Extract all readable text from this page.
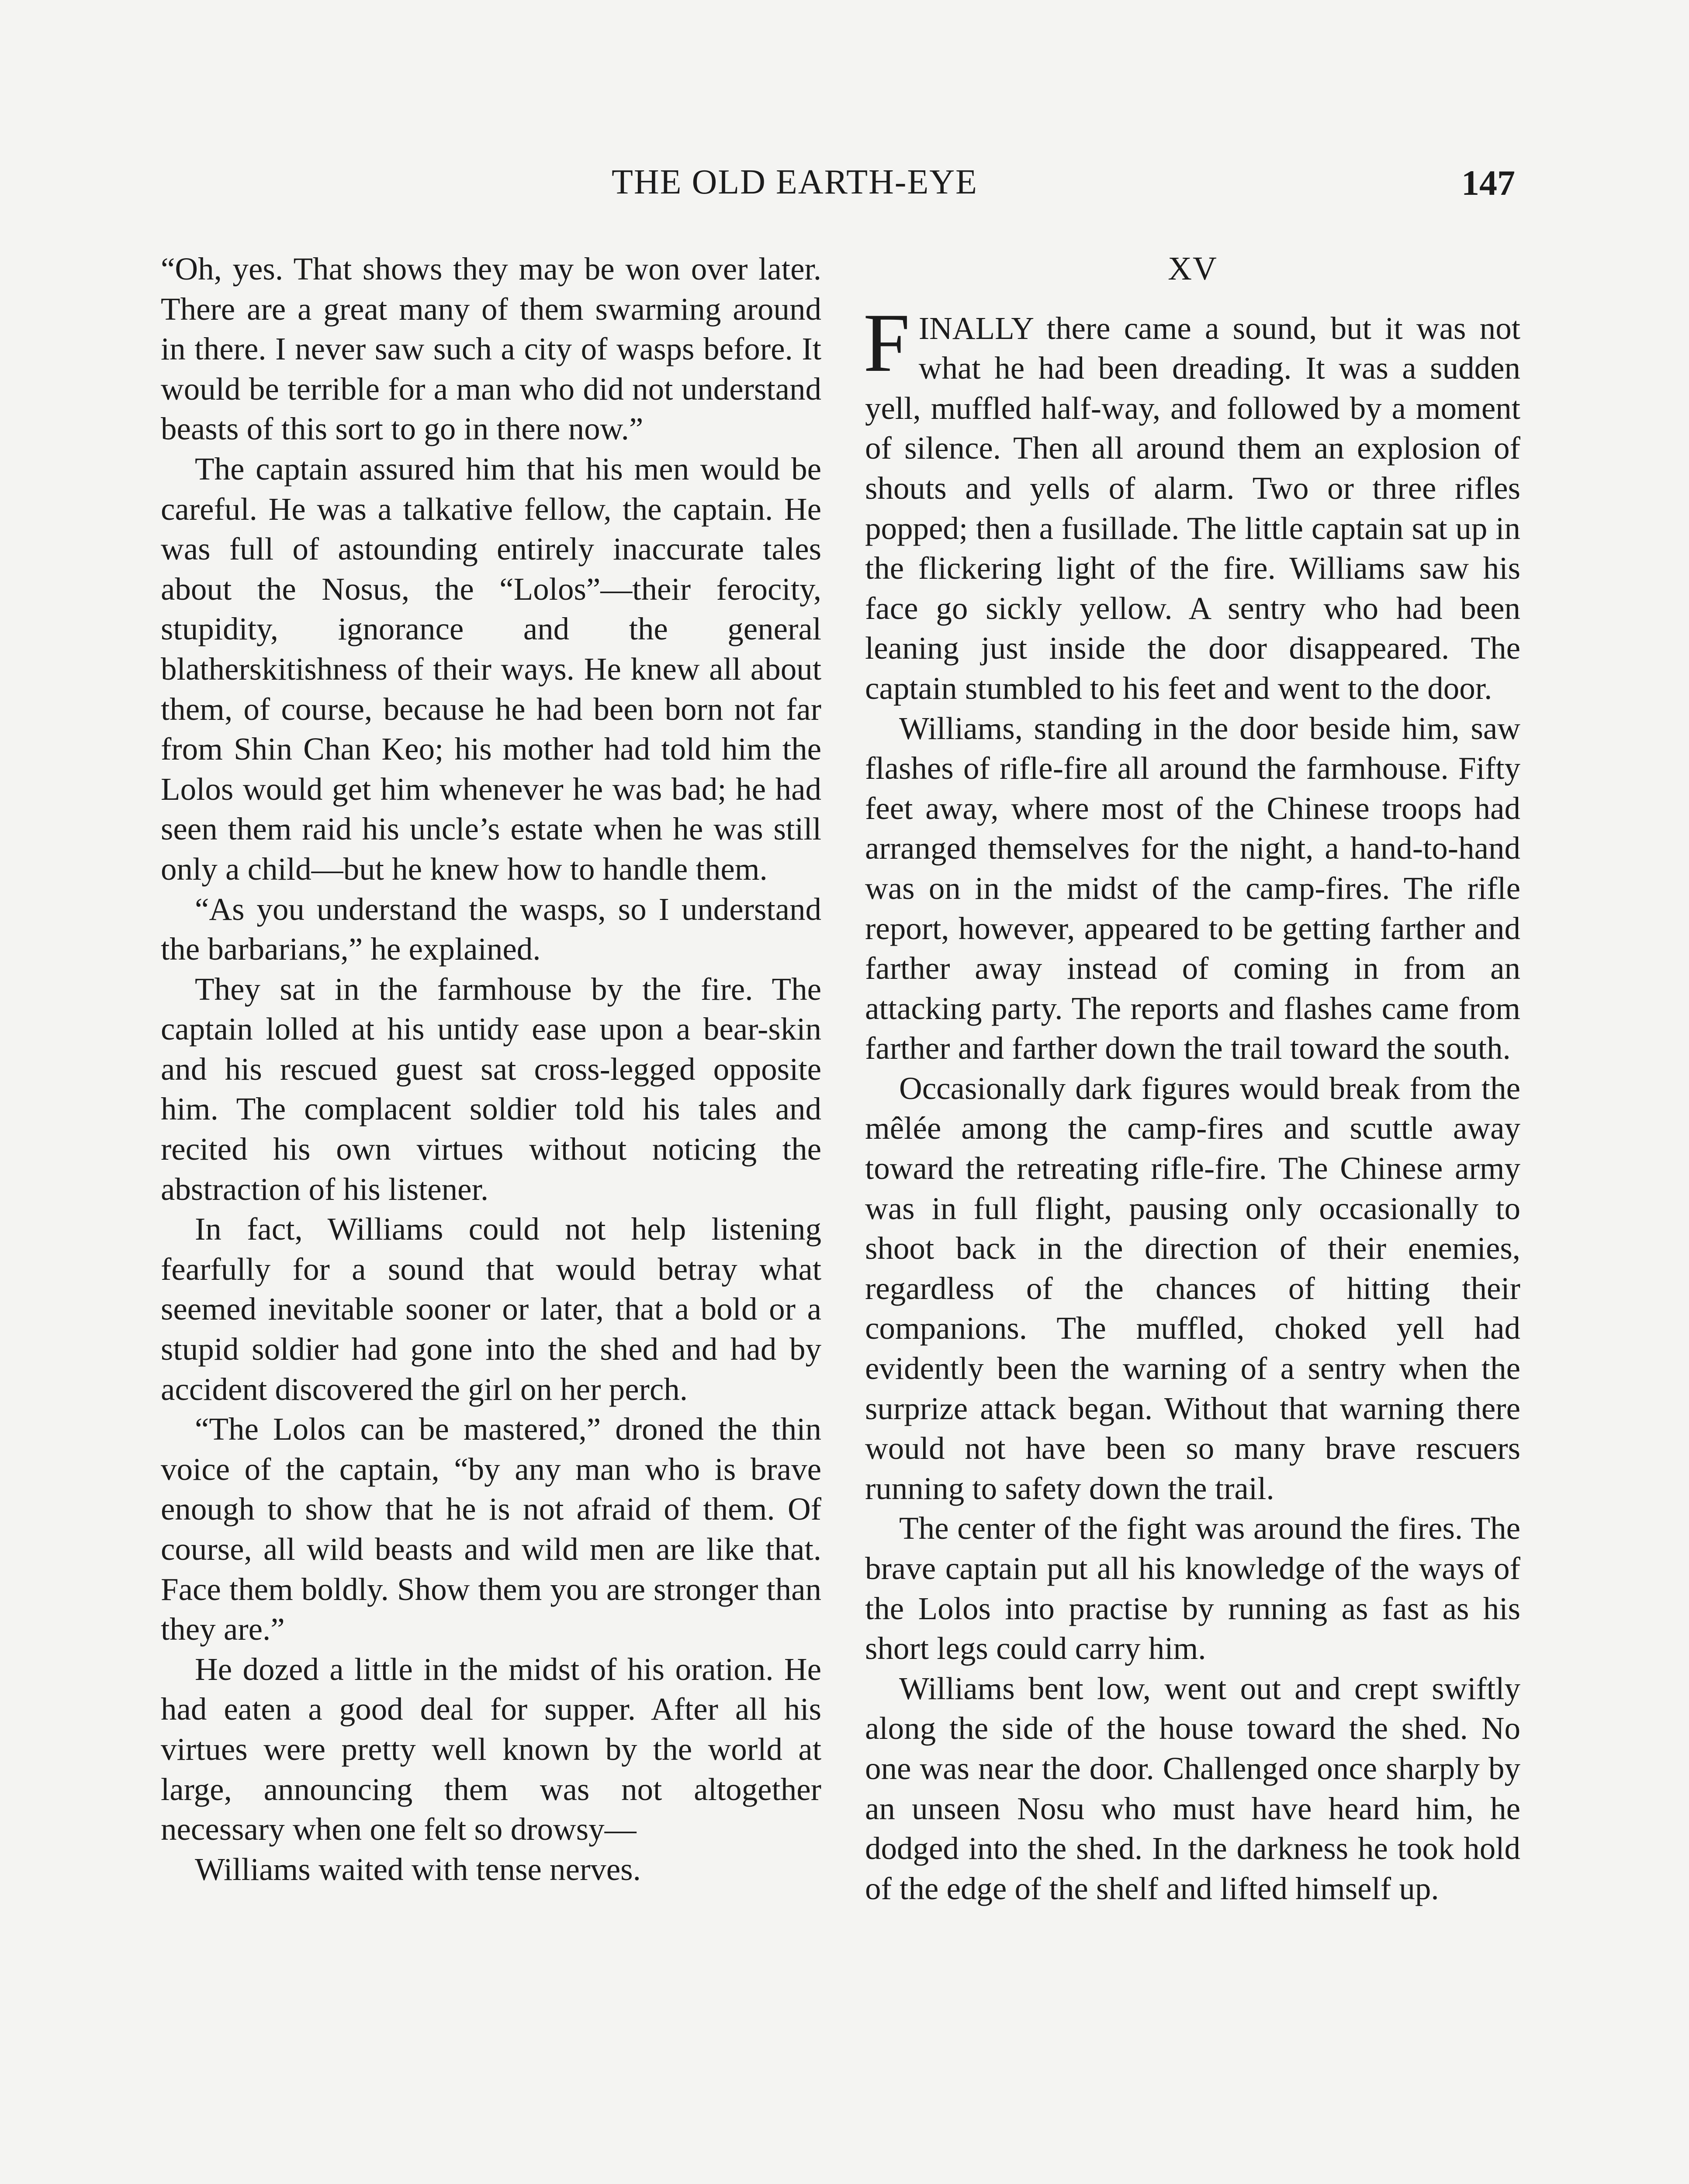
THE OLD EARTH-EYE	147

“Oh, yes. That shows they may be won over later. There are a great many of them swarming around in there. I never saw such a city of wasps before. It would be terrible for a man who did not understand beasts of this sort to go in there now.”

The captain assured him that his men would be careful. He was a talkative fellow, the captain. He was full of astounding entirely inaccurate tales about the Nosus, the “Lolos”—their ferocity, stupidity, ignorance and the general blatherskitishness of their ways. He knew all about them, of course, because he had been born not far from Shin Chan Keo; his mother had told him the Lolos would get him whenever he was bad; he had seen them raid his uncle’s estate when he was still only a child—but he knew how to handle them.

“As you understand the wasps, so I understand the barbarians,” he explained.

They sat in the farmhouse by the fire. The captain lolled at his untidy ease upon a bear-skin and his rescued guest sat cross-legged opposite him. The complacent soldier told his tales and recited his own virtues without noticing the abstraction of his listener.

In fact, Williams could not help listening fearfully for a sound that would betray what seemed inevitable sooner or later, that a bold or a stupid soldier had gone into the shed and had by accident discovered the girl on her perch.

“The Lolos can be mastered,” droned the thin voice of the captain, “by any man who is brave enough to show that he is not afraid of them. Of course, all wild beasts and wild men are like that. Face them boldly. Show them you are stronger than they are.”

He dozed a little in the midst of his oration. He had eaten a good deal for supper. After all his virtues were pretty well known by the world at large, announcing them was not altogether necessary when one felt so drowsy—

Williams waited with tense nerves.

XV

FINALLY there came a sound, but it was not what he had been dreading. It was a sudden yell, muffled half-way, and followed by a moment of silence. Then all around them an explosion of shouts and yells of alarm. Two or three rifles popped; then a fusillade. The little captain sat up in the flickering light of the fire. Williams saw his face go sickly yellow. A sentry who had been leaning just inside the door disappeared. The captain stumbled to his feet and went to the door.

Williams, standing in the door beside him, saw flashes of rifle-fire all around the farmhouse. Fifty feet away, where most of the Chinese troops had arranged themselves for the night, a hand-to-hand was on in the midst of the camp-fires. The rifle report, however, appeared to be getting farther and farther away instead of coming in from an attacking party. The reports and flashes came from farther and farther down the trail toward the south.

Occasionally dark figures would break from the mêlée among the camp-fires and scuttle away toward the retreating rifle-fire. The Chinese army was in full flight, pausing only occasionally to shoot back in the direction of their enemies, regardless of the chances of hitting their companions. The muffled, choked yell had evidently been the warning of a sentry when the surprize attack began. Without that warning there would not have been so many brave rescuers running to safety down the trail.

The center of the fight was around the fires. The brave captain put all his knowledge of the ways of the Lolos into practise by running as fast as his short legs could carry him.

Williams bent low, went out and crept swiftly along the side of the house toward the shed. No one was near the door. Challenged once sharply by an unseen Nosu who must have heard him, he dodged into the shed. In the darkness he took hold of the edge of the shelf and lifted himself up.
